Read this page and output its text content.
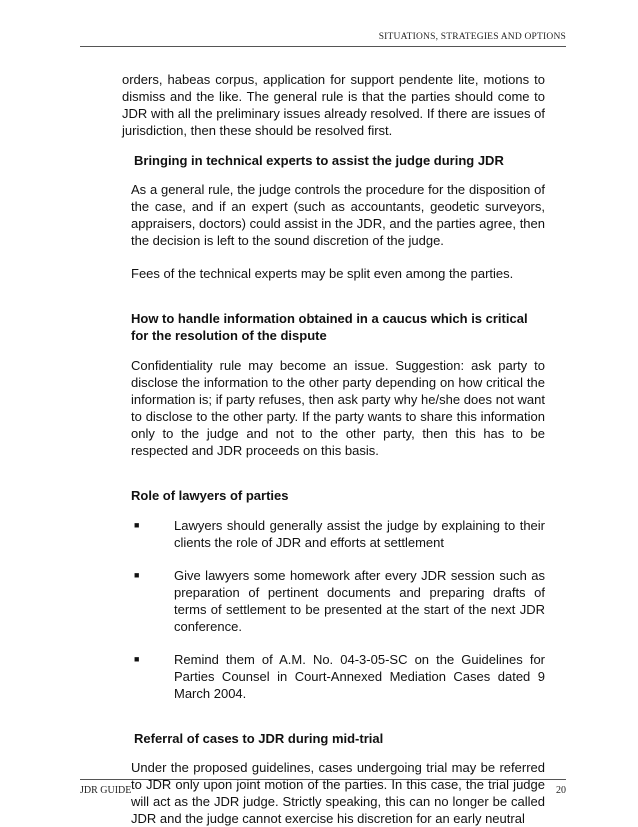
SITUATIONS, STRATEGIES AND OPTIONS

orders, habeas corpus, application for support pendente lite, motions to dismiss and the like. The general rule is that the parties should come to JDR with all the preliminary issues already resolved. If there are issues of jurisdiction, then these should be resolved first.

Bringing in technical experts to assist the judge during JDR

As a general rule, the judge controls the procedure for the disposition of the case, and if an expert (such as accountants, geodetic surveyors, appraisers, doctors) could assist in the JDR, and the parties agree, then the decision is left to the sound discretion of the judge.

Fees of the technical experts may be split even among the parties.

How to handle information obtained in a caucus which is critical for the resolution of the dispute

Confidentiality rule may become an issue. Suggestion: ask party to disclose the information to the other party depending on how critical the information is; if party refuses, then ask party why he/she does not want to disclose to the other party. If the party wants to share this information only to the judge and not to the other party, then this has to be respected and JDR proceeds on this basis.

Role of lawyers of parties
■	Lawyers should generally assist the judge by explaining to their clients the role of JDR and efforts at settlement
■	Give lawyers some homework after every JDR session such as preparation of pertinent documents and preparing drafts of terms of settlement to be presented at the start of the next JDR conference.
■	Remind them of A.M. No. 04-3-05-SC on the Guidelines for Parties Counsel in Court-Annexed Mediation Cases dated 9 March 2004.
Referral of cases to JDR during mid-trial

Under the proposed guidelines, cases undergoing trial may be referred to JDR only upon joint motion of the parties. In this case, the trial judge will act as the JDR judge. Strictly speaking, this can no longer be called JDR and the judge cannot exercise his discretion for an early neutral

JDR GUIDE	20
